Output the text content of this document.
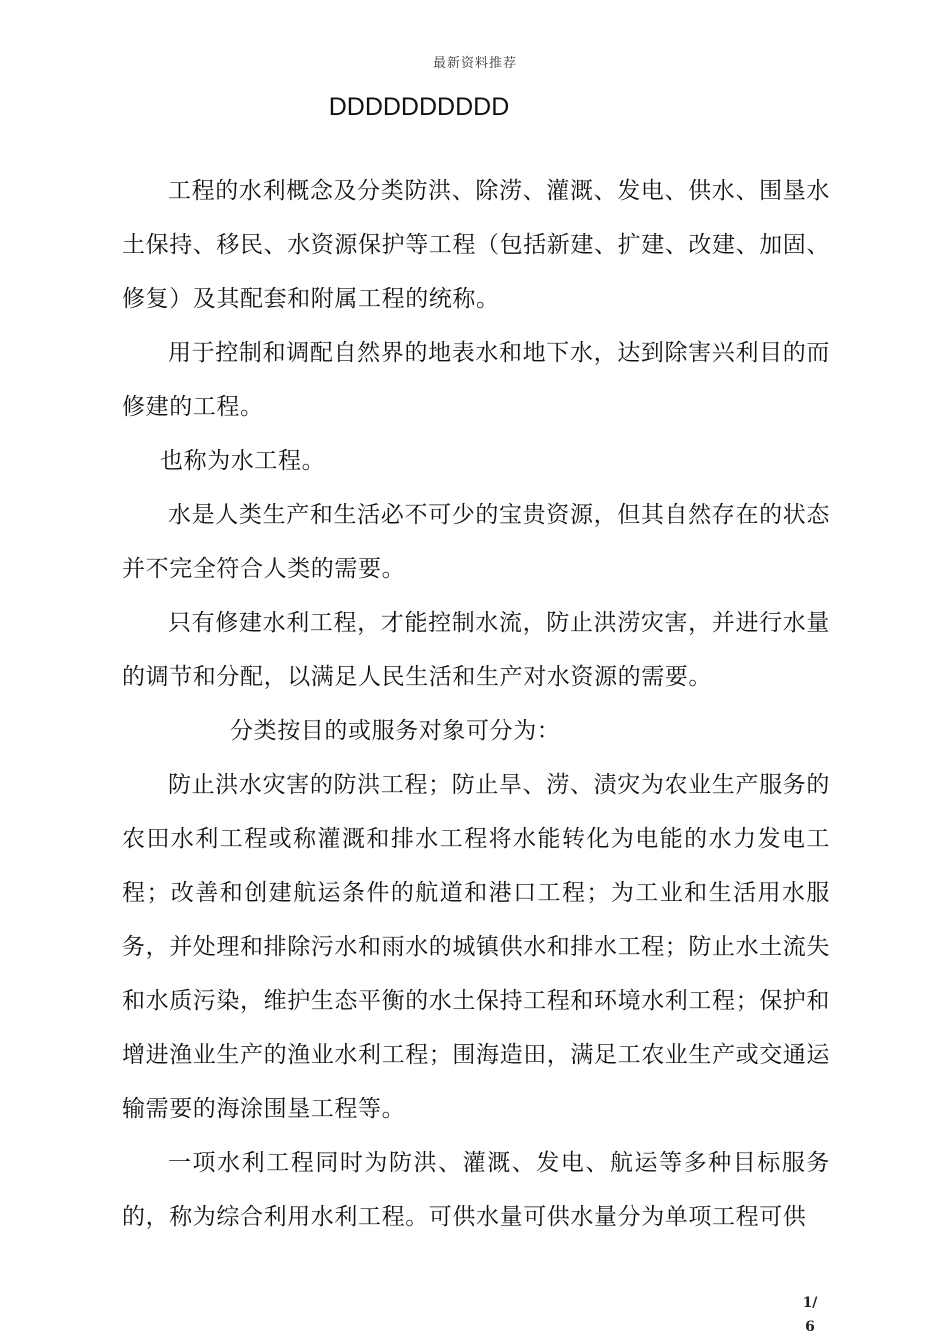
最新资料推荐
DDDDDDDDDD

工程的水利概念及分类防洪、除涝、灌溉、发电、供水、围垦水土保持、移民、水资源保护等工程（包括新建、扩建、改建、加固、修复）及其配套和附属工程的统称。

用于控制和调配自然界的地表水和地下水，达到除害兴利目的而修建的工程。

也称为水工程。

水是人类生产和生活必不可少的宝贵资源，但其自然存在的状态并不完全符合人类的需要。

只有修建水利工程，才能控制水流，防止洪涝灾害，并进行水量的调节和分配，以满足人民生活和生产对水资源的需要。

分类按目的或服务对象可分为：

防止洪水灾害的防洪工程；防止旱、涝、渍灾为农业生产服务的农田水利工程或称灌溉和排水工程将水能转化为电能的水力发电工程；改善和创建航运条件的航道和港口工程；为工业和生活用水服务，并处理和排除污水和雨水的城镇供水和排水工程；防止水土流失和水质污染，维护生态平衡的水土保持工程和环境水利工程；保护和增进渔业生产的渔业水利工程；围海造田，满足工农业生产或交通运输需要的海涂围垦工程等。

一项水利工程同时为防洪、灌溉、发电、航运等多种目标服务的，称为综合利用水利工程。可供水量可供水量分为单项工程可供

1/
6
